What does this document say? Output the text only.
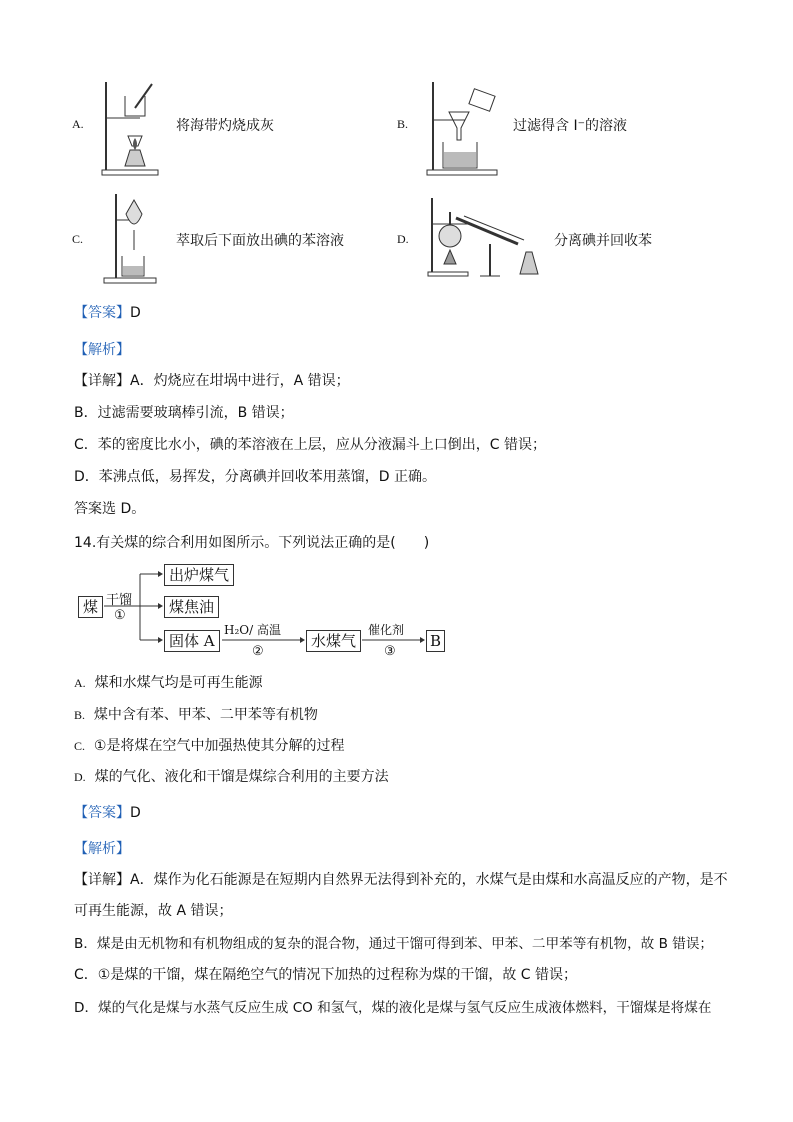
A.	将海带灼烧成灰	B.	过滤得含 I⁻的溶液
C.	萃取后下面放出碘的苯溶液	D.	分离碘并回收苯
【答案】D
【解析】
【详解】A．灼烧应在坩埚中进行，A 错误；
B．过滤需要玻璃棒引流，B 错误；
C．苯的密度比水小，碘的苯溶液在上层，应从分液漏斗上口倒出，C 错误；
D．苯沸点低，易挥发，分离碘并回收苯用蒸馏，D 正确。
答案选 D。
14.有关煤的综合利用如图所示。下列说法正确的是(　　)
煤 干馏
①
出炉煤气
煤焦油
固体 A
H₂O/ 高温
②
水煤气
催化剂
③
B
A. 煤和水煤气均是可再生能源
B. 煤中含有苯、甲苯、二甲苯等有机物
C. ①是将煤在空气中加强热使其分解的过程
D. 煤的气化、液化和干馏是煤综合利用的主要方法
【答案】D
【解析】
【详解】A．煤作为化石能源是在短期内自然界无法得到补充的，水煤气是由煤和水高温反应的产物，是不
可再生能源，故 A 错误；
B．煤是由无机物和有机物组成的复杂的混合物，通过干馏可得到苯、甲苯、二甲苯等有机物，故 B 错误；
C．①是煤的干馏，煤在隔绝空气的情况下加热的过程称为煤的干馏，故 C 错误；
D．煤的气化是煤与水蒸气反应生成 CO 和氢气，煤的液化是煤与氢气反应生成液体燃料，干馏煤是将煤在
